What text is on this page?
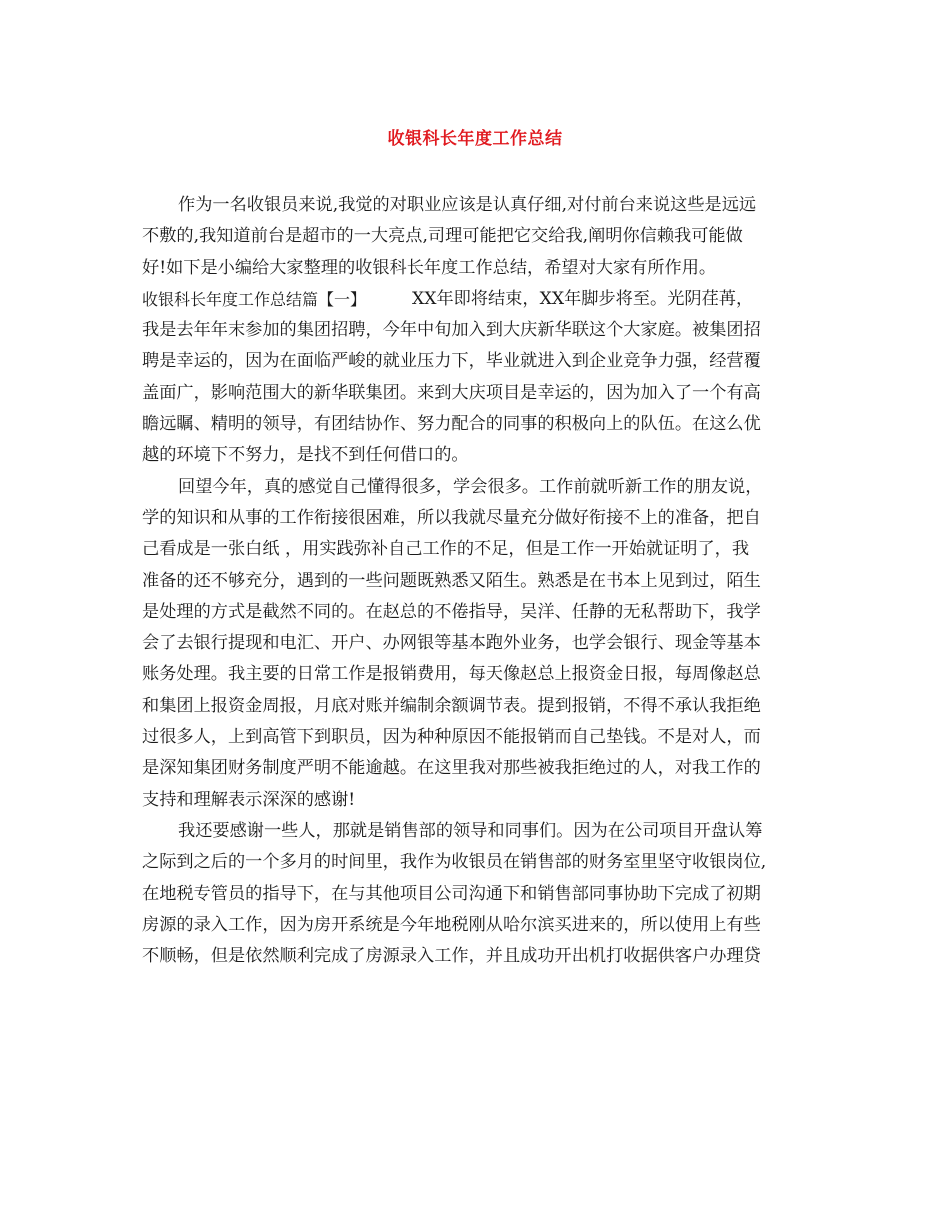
收银科长年度工作总结
作为一名收银员来说,我觉的对职业应该是认真仔细,对付前台来说这些是远远
不敷的,我知道前台是超市的一大亮点,司理可能把它交给我,阐明你信赖我可能做
好!如下是小编给大家整理的收银科长年度工作总结，希望对大家有所作用。
收银科长年度工作总结篇【一】	XX年即将结束，XX年脚步将至。光阴荏苒，
我是去年年末参加的集团招聘，今年中旬加入到大庆新华联这个大家庭。被集团招
聘是幸运的，因为在面临严峻的就业压力下，毕业就进入到企业竞争力强，经营覆
盖面广，影响范围大的新华联集团。来到大庆项目是幸运的，因为加入了一个有高
瞻远瞩、精明的领导，有团结协作、努力配合的同事的积极向上的队伍。在这么优
越的环境下不努力，是找不到任何借口的。
回望今年，真的感觉自己懂得很多，学会很多。工作前就听新工作的朋友说，
学的知识和从事的工作衔接很困难，所以我就尽量充分做好衔接不上的准备，把自
己看成是一张白纸 ，用实践弥补自己工作的不足，但是工作一开始就证明了，我
准备的还不够充分，遇到的一些问题既熟悉又陌生。熟悉是在书本上见到过，陌生
是处理的方式是截然不同的。在赵总的不倦指导，吴洋、任静的无私帮助下，我学
会了去银行提现和电汇、开户、办网银等基本跑外业务，也学会银行、现金等基本
账务处理。我主要的日常工作是报销费用，每天像赵总上报资金日报，每周像赵总
和集团上报资金周报，月底对账并编制余额调节表。提到报销，不得不承认我拒绝
过很多人，上到高管下到职员，因为种种原因不能报销而自己垫钱。不是对人，而
是深知集团财务制度严明不能逾越。在这里我对那些被我拒绝过的人，对我工作的
支持和理解表示深深的感谢!
我还要感谢一些人，那就是销售部的领导和同事们。因为在公司项目开盘认筹
之际到之后的一个多月的时间里，我作为收银员在销售部的财务室里坚守收银岗位,
在地税专管员的指导下，在与其他项目公司沟通下和销售部同事协助下完成了初期
房源的录入工作，因为房开系统是今年地税刚从哈尔滨买进来的，所以使用上有些
不顺畅，但是依然顺利完成了房源录入工作，并且成功开出机打收据供客户办理贷
